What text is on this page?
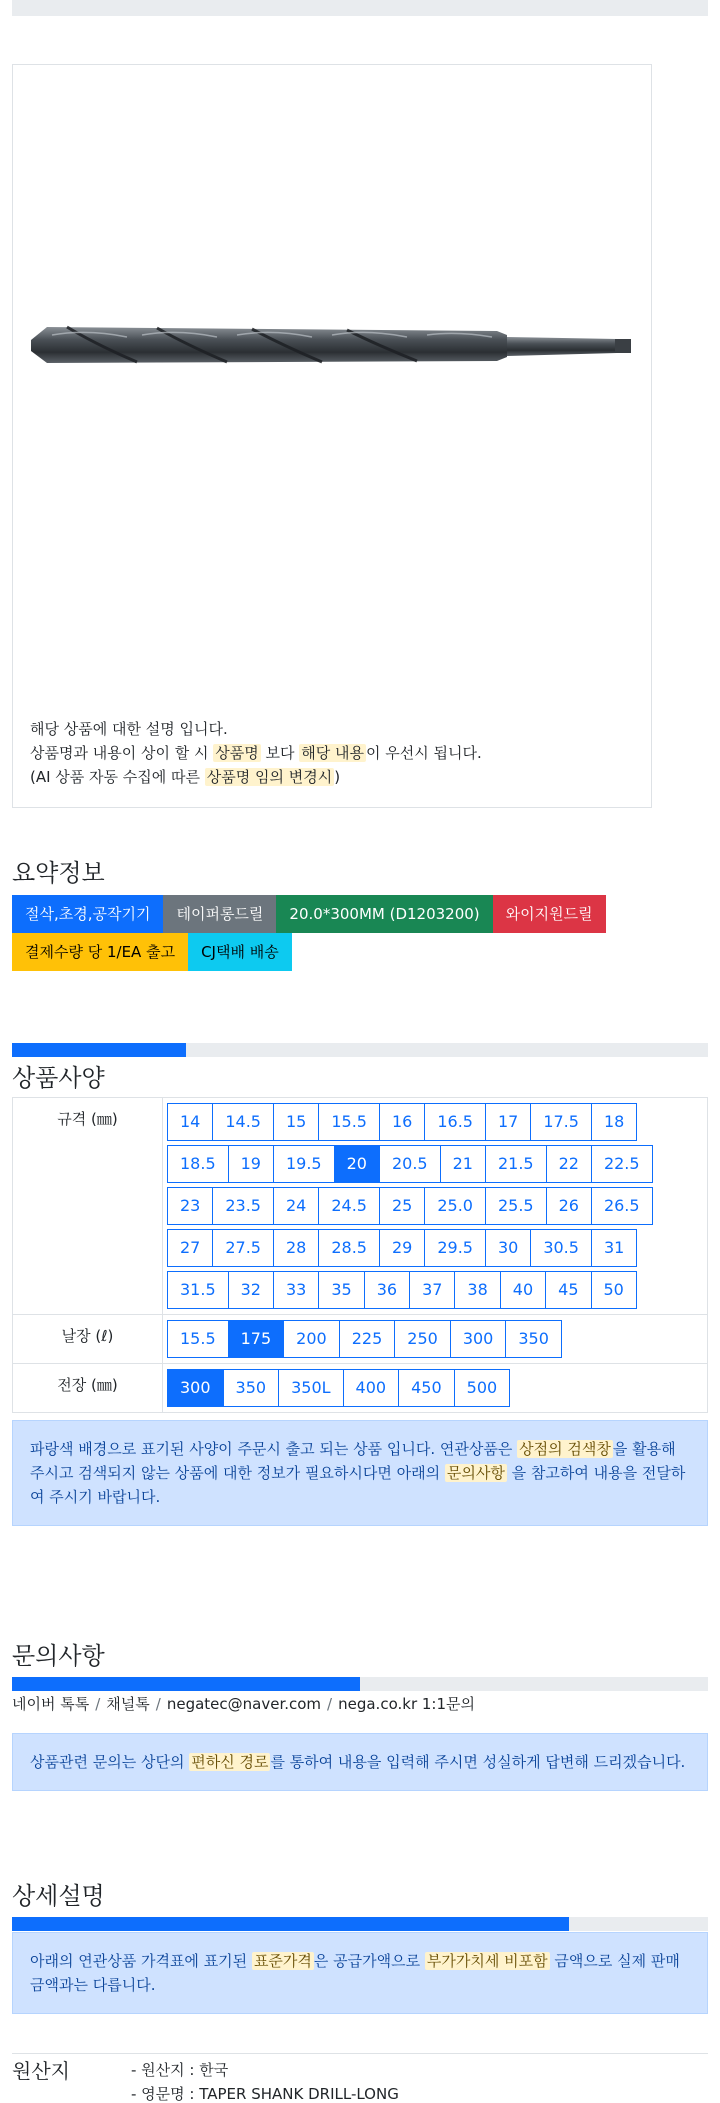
해당 상품에 대한 설명 입니다.
상품명과 내용이 상이 할 시 상품명 보다 해당 내용 이 우선시 됩니다.
(AI 상품 자동 수집에 따른 상품명 임의 변경시 )
요약정보
절삭,초경,공작기기	테이퍼롱드릴	20.0*300MM (D1203200)	와이지원드릴
결제수량 당 1/EA 출고	CJ택배 배송
상품사양
규격 (㎜)	14	14.5	15	15.5	16	16.5	17	17.5	18
18.5	19	19.5	20	20.5	21	21.5	22	22.5
23	23.5	24	24.5	25	25.0	25.5	26	26.5
27	27.5	28	28.5	29	29.5	30	30.5	31
31.5	32	33	35	36	37	38	40	45	50
날장 (ℓ)	15.5	175	200	225	250	300	350
전장 (㎜)	300	350	350L	400	450	500
파랑색 배경으로 표기된 사양이 주문시 출고 되는 상품 입니다. 연관상품은 상점의 검색창 을 활용해 주시고 검색되지 않는 상품에 대한 정보가 필요하시다면 아래의 문의사항 을 참고하여 내용을 전달하여 주시기 바랍니다.
문의사항
네이버 톡톡 / 채널톡 / negatec@naver.com / nega.co.kr 1:1문의
상품관련 문의는 상단의 편하신 경로 를 통하여 내용을 입력해 주시면 성실하게 답변해 드리겠습니다.
상세설명
아래의 연관상품 가격표에 표기된 표준가격 은 공급가액으로 부가가치세 비포함 금액으로 실제 판매금액과는 다릅니다.
원산지	- 원산지 : 한국
- 영문명 : TAPER SHANK DRILL-LONG
